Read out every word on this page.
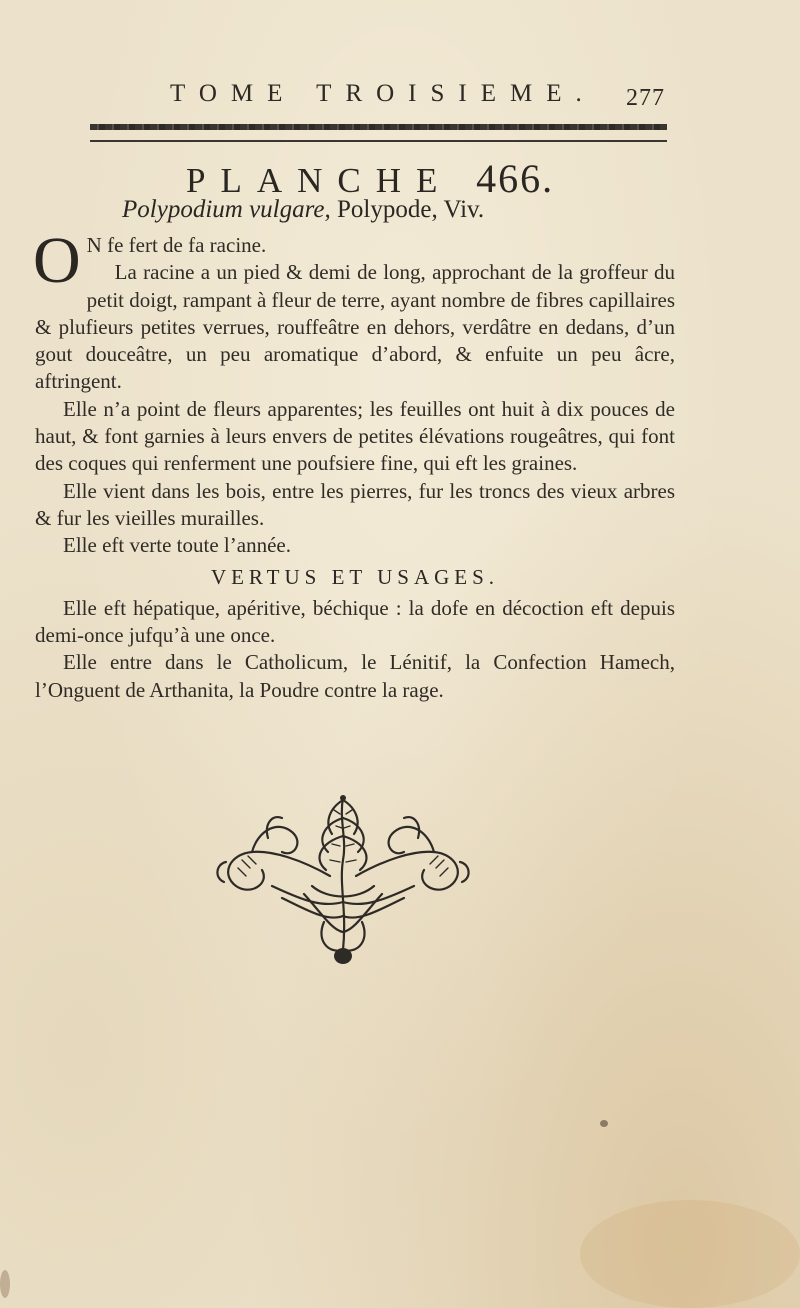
TOME TROISIEME. 277
PLANCHE 466.
Polypodium vulgare, Polypode, Viv.

O N fe fert de fa racine.

La racine a un pied & demi de long, approchant de la groffeur du petit doigt, rampant à fleur de terre, ayant nombre de fibres capillaires & plufieurs petites verrues, rouffeâtre en dehors, verdâtre en dedans, d’un gout douceâtre, un peu aromatique d’abord, & enfuite un peu âcre, aftringent.

Elle n’a point de fleurs apparentes; les feuilles ont huit à dix pouces de haut, & font garnies à leurs envers de petites élévations rougeâtres, qui font des coques qui renferment une poufsiere fine, qui eft les graines.

Elle vient dans les bois, entre les pierres, fur les troncs des vieux arbres & fur les vieilles murailles.

Elle eft verte toute l’année.

VERTUS ET USAGES.

Elle eft hépatique, apéritive, béchique : la dofe en décoction eft depuis demi-once jufqu’à une once.

Elle entre dans le Catholicum, le Lénitif, la Confection Hamech, l’Onguent de Arthanita, la Poudre contre la rage.
